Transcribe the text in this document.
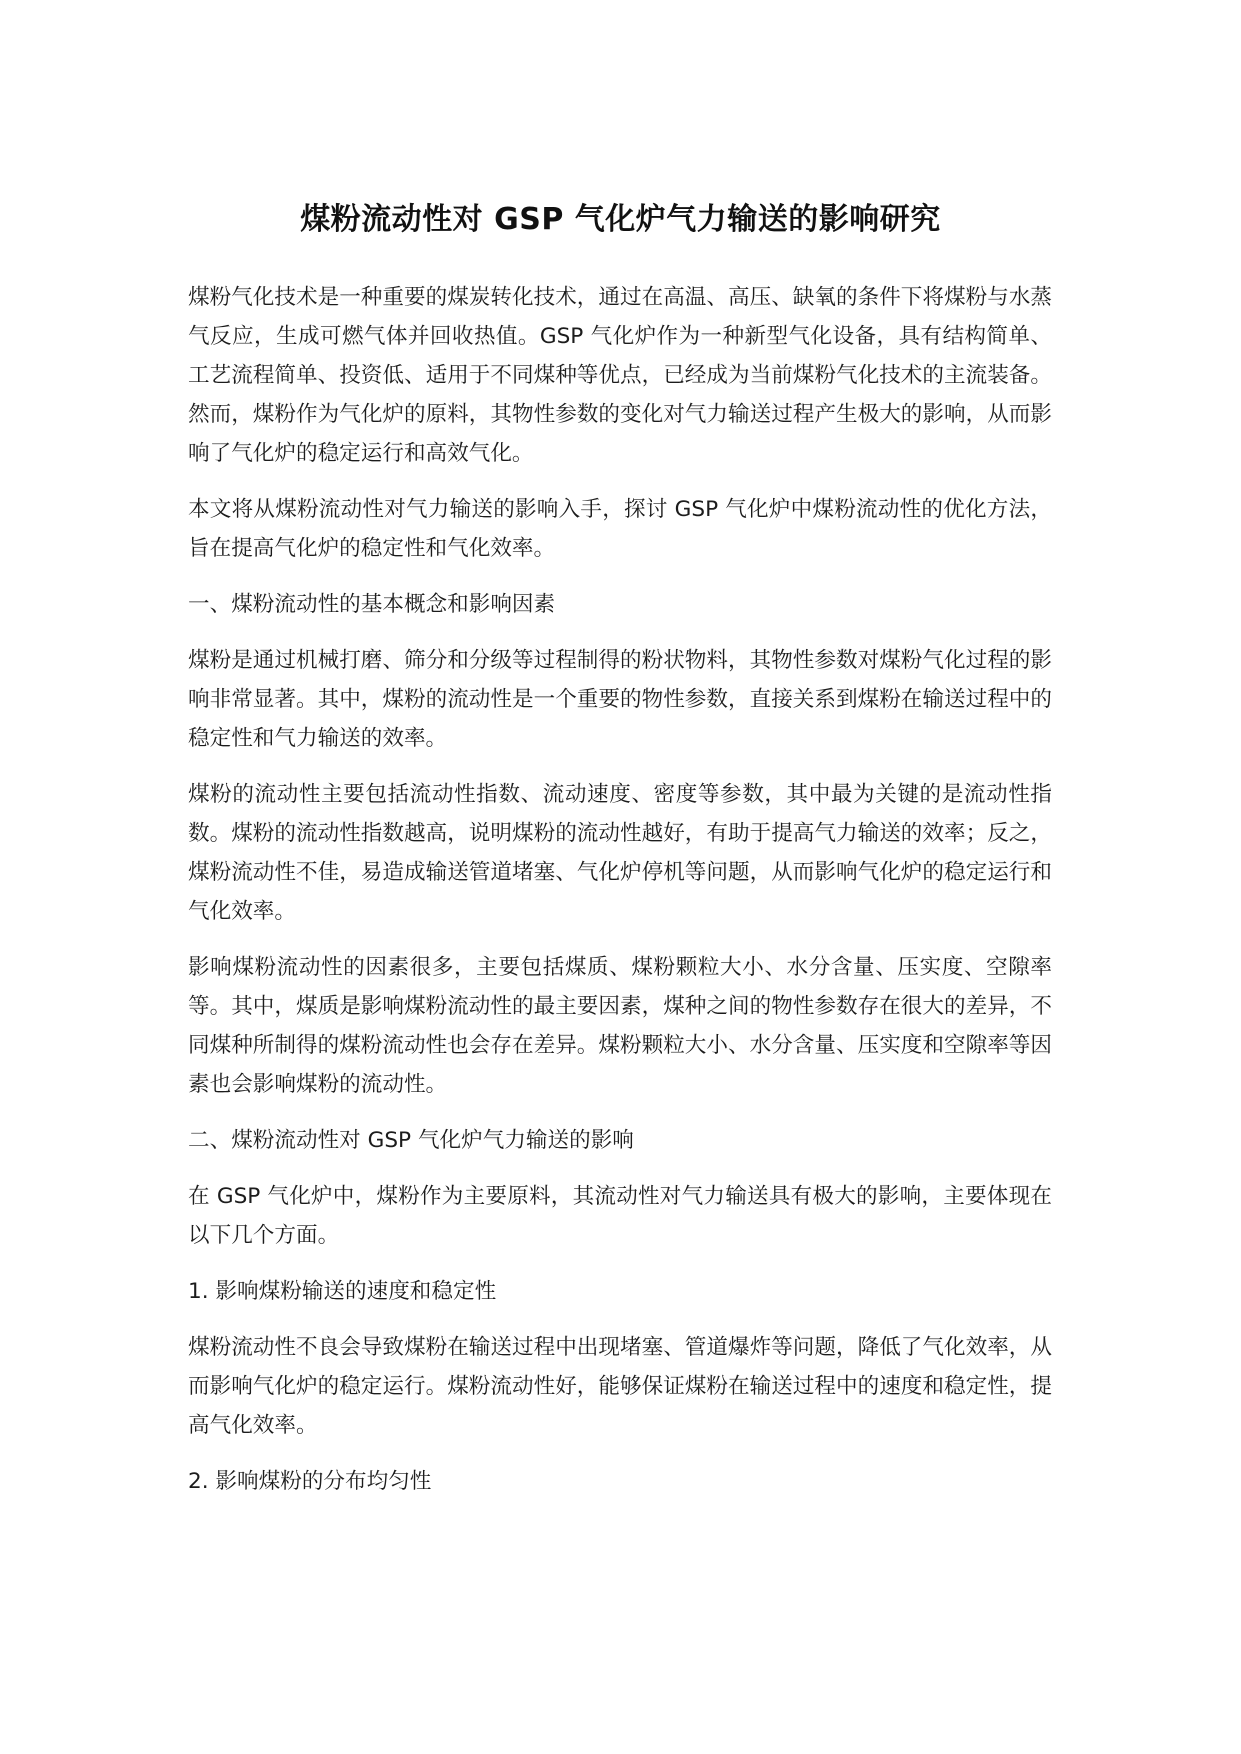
煤粉流动性对 GSP 气化炉气力输送的影响研究

煤粉气化技术是一种重要的煤炭转化技术，通过在高温、高压、缺氧的条件下将煤粉与水蒸气反应，生成可燃气体并回收热值。GSP 气化炉作为一种新型气化设备，具有结构简单、工艺流程简单、投资低、适用于不同煤种等优点，已经成为当前煤粉气化技术的主流装备。然而，煤粉作为气化炉的原料，其物性参数的变化对气力输送过程产生极大的影响，从而影响了气化炉的稳定运行和高效气化。

本文将从煤粉流动性对气力输送的影响入手，探讨 GSP 气化炉中煤粉流动性的优化方法，旨在提高气化炉的稳定性和气化效率。

一、煤粉流动性的基本概念和影响因素

煤粉是通过机械打磨、筛分和分级等过程制得的粉状物料，其物性参数对煤粉气化过程的影响非常显著。其中，煤粉的流动性是一个重要的物性参数，直接关系到煤粉在输送过程中的稳定性和气力输送的效率。

煤粉的流动性主要包括流动性指数、流动速度、密度等参数，其中最为关键的是流动性指数。煤粉的流动性指数越高，说明煤粉的流动性越好，有助于提高气力输送的效率；反之，煤粉流动性不佳，易造成输送管道堵塞、气化炉停机等问题，从而影响气化炉的稳定运行和气化效率。

影响煤粉流动性的因素很多，主要包括煤质、煤粉颗粒大小、水分含量、压实度、空隙率等。其中，煤质是影响煤粉流动性的最主要因素，煤种之间的物性参数存在很大的差异，不同煤种所制得的煤粉流动性也会存在差异。煤粉颗粒大小、水分含量、压实度和空隙率等因素也会影响煤粉的流动性。

二、煤粉流动性对 GSP 气化炉气力输送的影响

在 GSP 气化炉中，煤粉作为主要原料，其流动性对气力输送具有极大的影响，主要体现在以下几个方面。

1. 影响煤粉输送的速度和稳定性

煤粉流动性不良会导致煤粉在输送过程中出现堵塞、管道爆炸等问题，降低了气化效率，从而影响气化炉的稳定运行。煤粉流动性好，能够保证煤粉在输送过程中的速度和稳定性，提高气化效率。

2. 影响煤粉的分布均匀性
